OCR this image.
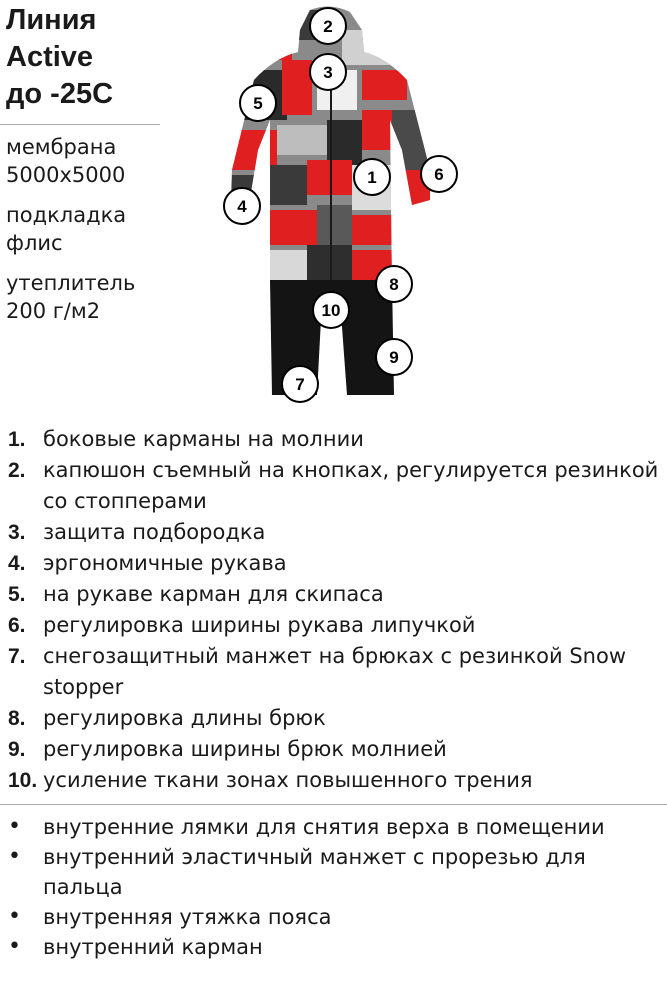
Линия
Active
до -25С
мембрана
5000х5000
подкладка
флис
утеплитель
200 г/м2
2
3
5
1	6
4
8
10
9
7
1. боковые карманы на молнии
2. капюшон съемный на кнопках, регулируется резинкой со стопперами
3. защита подбородка
4. эргономичные рукава
5. на рукаве карман для скипаса
6. регулировка ширины рукава липучкой
7. снегозащитный манжет на брюках с резинкой Snow stopper
8. регулировка длины брюк
9. регулировка ширины брюк молнией
10. усиление ткани зонах повышенного трения
•	внутренние лямки для снятия верха в помещении
•	внутренний эластичный манжет с прорезью для пальца
•	внутренняя утяжка пояса
•	внутренний карман
